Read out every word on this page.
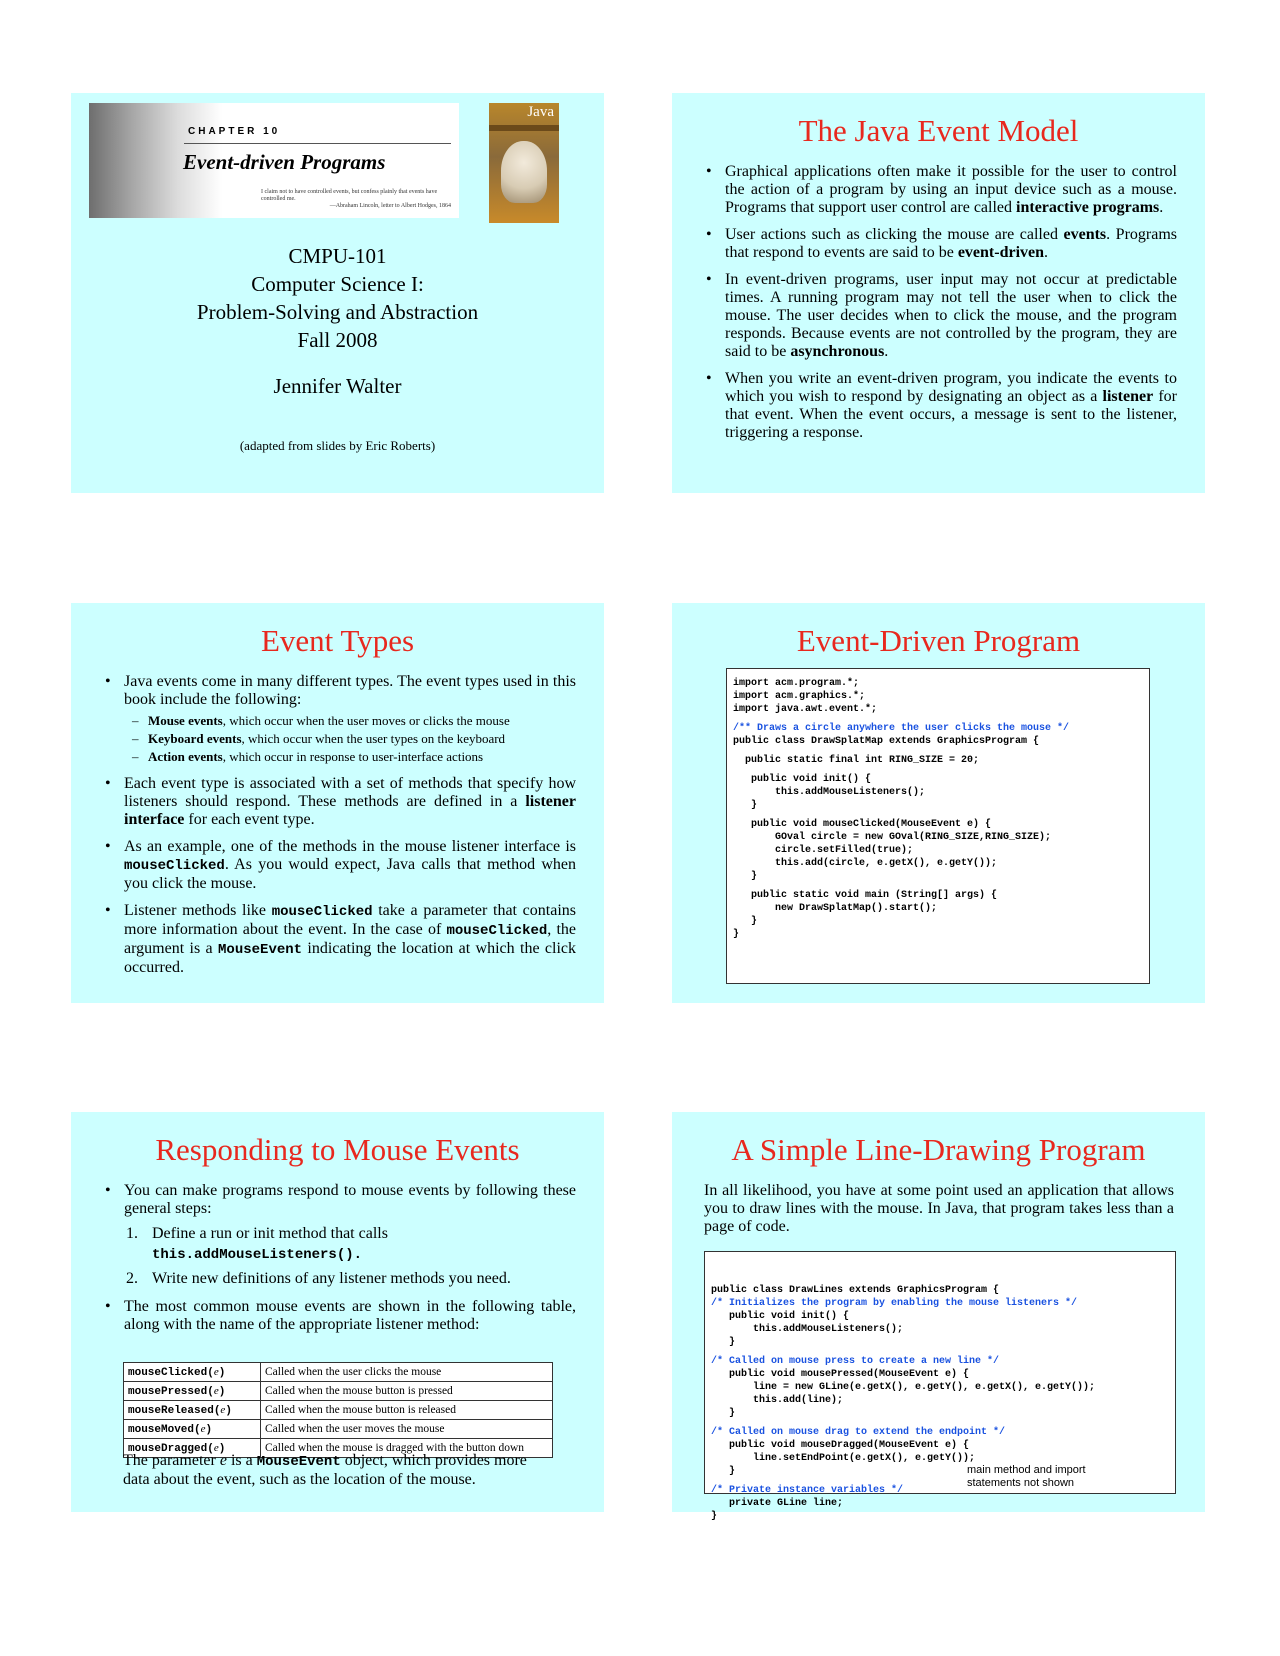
CHAPTER 10
Event-driven Programs
I claim not to have controlled events, but confess plainly that events have controlled me.
—Abraham Lincoln, letter to Albert Hodges, 1864
Java
CMPU-101
Computer Science I:
Problem-Solving and Abstraction
Fall 2008
Jennifer Walter
(adapted from slides by Eric Roberts)
The Java Event Model
• Graphical applications often make it possible for the user to control the action of a program by using an input device such as a mouse. Programs that support user control are called interactive programs.
• User actions such as clicking the mouse are called events. Programs that respond to events are said to be event-driven.
• In event-driven programs, user input may not occur at predictable times. A running program may not tell the user when to click the mouse. The user decides when to click the mouse, and the program responds. Because events are not controlled by the program, they are said to be asynchronous.
• When you write an event-driven program, you indicate the events to which you wish to respond by designating an object as a listener for that event. When the event occurs, a message is sent to the listener, triggering a response.
Event Types
• Java events come in many different types. The event types used in this book include the following:
– Mouse events, which occur when the user moves or clicks the mouse
– Keyboard events, which occur when the user types on the keyboard
– Action events, which occur in response to user-interface actions
• Each event type is associated with a set of methods that specify how listeners should respond. These methods are defined in a listener interface for each event type.
• As an example, one of the methods in the mouse listener interface is mouseClicked. As you would expect, Java calls that method when you click the mouse.
• Listener methods like mouseClicked take a parameter that contains more information about the event. In the case of mouseClicked, the argument is a MouseEvent indicating the location at which the click occurred.
Event-Driven Program
import acm.program.*;
import acm.graphics.*;
import java.awt.event.*;
/** Draws a circle anywhere the user clicks the mouse */
public class DrawSplatMap extends GraphicsProgram {
public static final int RING_SIZE = 20;
public void init() {
this.addMouseListeners();
}
public void mouseClicked(MouseEvent e) {
GOval circle = new GOval(RING_SIZE,RING_SIZE);
circle.setFilled(true);
this.add(circle, e.getX(), e.getY());
}
public static void main (String[] args) {
new DrawSplatMap().start();
}
}
Responding to Mouse Events
• You can make programs respond to mouse events by following these general steps:
1. Define a run or init method that calls
this.addMouseListeners().
2. Write new definitions of any listener methods you need.
• The most common mouse events are shown in the following table, along with the name of the appropriate listener method:
mouseClicked(e)	Called when the user clicks the mouse
mousePressed(e)	Called when the mouse button is pressed
mouseReleased(e)	Called when the mouse button is released
mouseMoved(e)	Called when the user moves the mouse
mouseDragged(e)	Called when the mouse is dragged with the button down
The parameter e is a MouseEvent object, which provides more data about the event, such as the location of the mouse.
A Simple Line-Drawing Program
In all likelihood, you have at some point used an application that allows you to draw lines with the mouse. In Java, that program takes less than a page of code.

public class DrawLines extends GraphicsProgram {
/* Initializes the program by enabling the mouse listeners */
public void init() {
this.addMouseListeners();
}
/* Called on mouse press to create a new line */
public void mousePressed(MouseEvent e) {
line = new GLine(e.getX(), e.getY(), e.getX(), e.getY());
this.add(line);
}
/* Called on mouse drag to extend the endpoint */
public void mouseDragged(MouseEvent e) {
line.setEndPoint(e.getX(), e.getY());
}
/* Private instance variables */
private GLine line;
}
main method and import statements not shown
